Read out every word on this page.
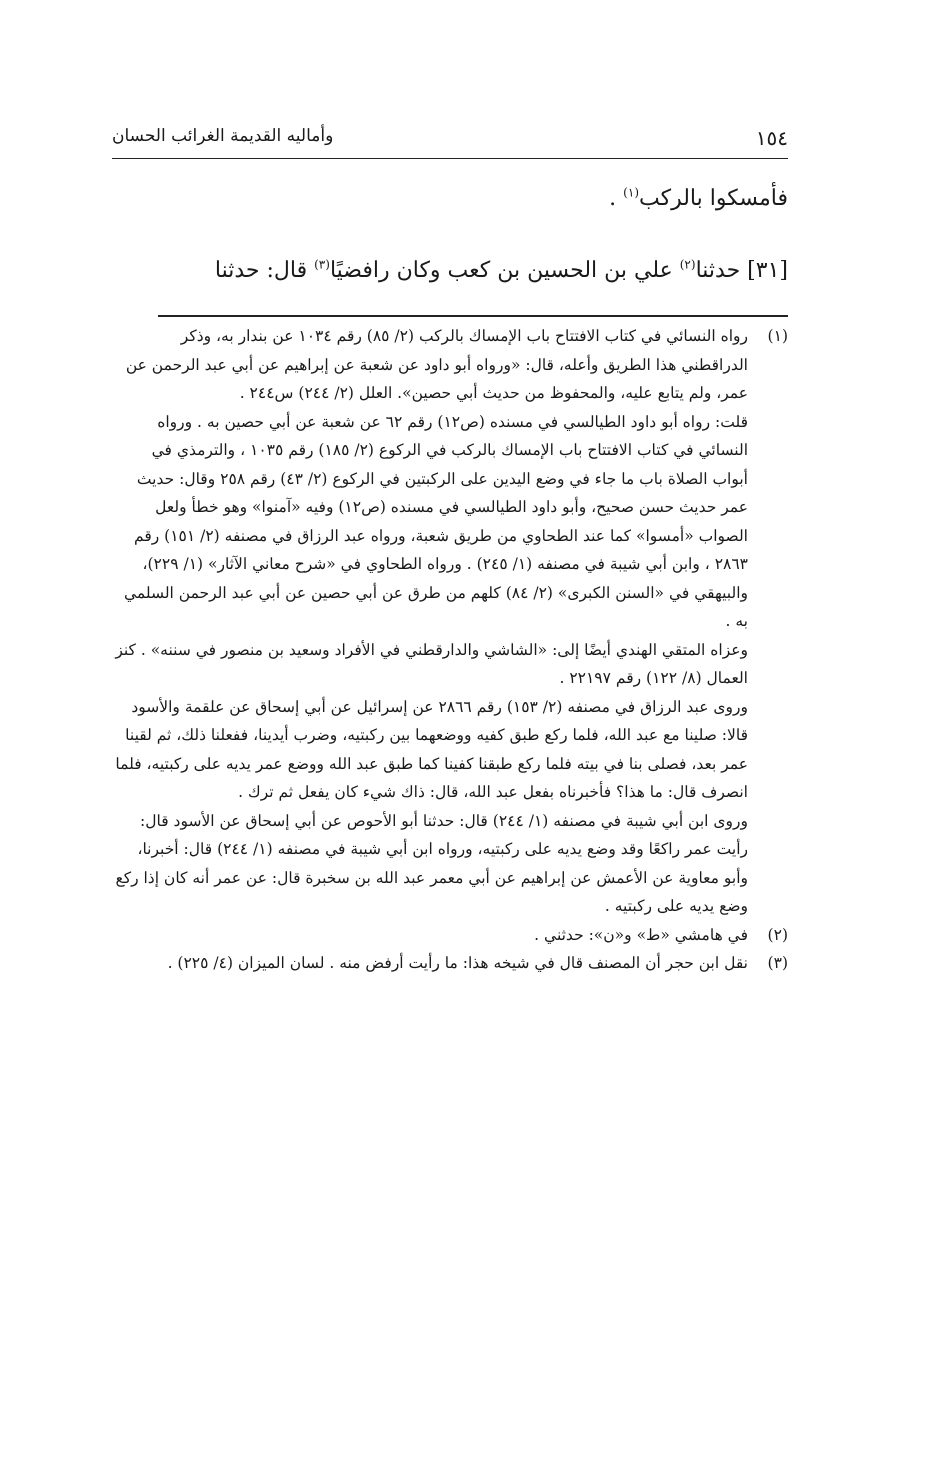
١٥٤
وأماليه القديمة الغرائب الحسان
فأمسكوا بالركب$^{(١)}$ .
[٣١] حدثنا$^{(٢)}$ علي بن الحسين بن كعب وكان رافضيًا$^{(٣)}$ قال: حدثنا
(١)

رواه النسائي في كتاب الافتتاح باب الإمساك بالركب (٢/ ٨٥) رقم ١٠٣٤ عن بندار به، وذكر الدراقطني هذا الطريق وأعله، قال: «ورواه أبو داود عن شعبة عن إبراهيم عن أبي عبد الرحمن عن عمر، ولم يتابع عليه، والمحفوظ من حديث أبي حصين». العلل (٢/ ٢٤٤) س٢٤٤ .

قلت: رواه أبو داود الطيالسي في مسنده (ص١٢) رقم ٦٢ عن شعبة عن أبي حصين به . ورواه النسائي في كتاب الافتتاح باب الإمساك بالركب في الركوع (٢/ ١٨٥) رقم ١٠٣٥ ، والترمذي في أبواب الصلاة باب ما جاء في وضع اليدين على الركبتين في الركوع (٢/ ٤٣) رقم ٢٥٨ وقال: حديث عمر حديث حسن صحيح، وأبو داود الطيالسي في مسنده (ص١٢) وفيه «آمنوا» وهو خطأ ولعل الصواب «أمسوا» كما عند الطحاوي من طريق شعبة، ورواه عبد الرزاق في مصنفه (٢/ ١٥١) رقم ٢٨٦٣ ، وابن أبي شيبة في مصنفه (١/ ٢٤٥) . ورواه الطحاوي في «شرح معاني الآثار» (١/ ٢٢٩)، والبيهقي في «السنن الكبرى» (٢/ ٨٤) كلهم من طرق عن أبي حصين عن أبي عبد الرحمن السلمي به .

وعزاه المتقي الهندي أيضًا إلى: «الشاشي والدارقطني في الأفراد وسعيد بن منصور في سننه» . كنز العمال (٨/ ١٢٢) رقم ٢٢١٩٧ .

وروى عبد الرزاق في مصنفه (٢/ ١٥٣) رقم ٢٨٦٦ عن إسرائيل عن أبي إسحاق عن علقمة والأسود قالا: صلينا مع عبد الله، فلما ركع طبق كفيه ووضعهما بين ركبتيه، وضرب أيدينا، ففعلنا ذلك، ثم لقينا عمر بعد، فصلى بنا في بيته فلما ركع طبقنا كفينا كما طبق عبد الله ووضع عمر يديه على ركبتيه، فلما انصرف قال: ما هذا؟ فأخبرناه بفعل عبد الله، قال: ذاك شيء كان يفعل ثم ترك .

وروى ابن أبي شيبة في مصنفه (١/ ٢٤٤) قال: حدثنا أبو الأحوص عن أبي إسحاق عن الأسود قال: رأيت عمر راكعًا وقد وضع يديه على ركبتيه، ورواه ابن أبي شيبة في مصنفه (١/ ٢٤٤) قال: أخبرنا، وأبو معاوية عن الأعمش عن إبراهيم عن أبي معمر عبد الله بن سخبرة قال: عن عمر أنه كان إذا ركع وضع يديه على ركبتيه .

(٢)

في هامشي «ط» و«ن»: حدثني .

(٣)

نقل ابن حجر أن المصنف قال في شيخه هذا: ما رأيت أرفض منه . لسان الميزان (٤/ ٢٢٥) .
